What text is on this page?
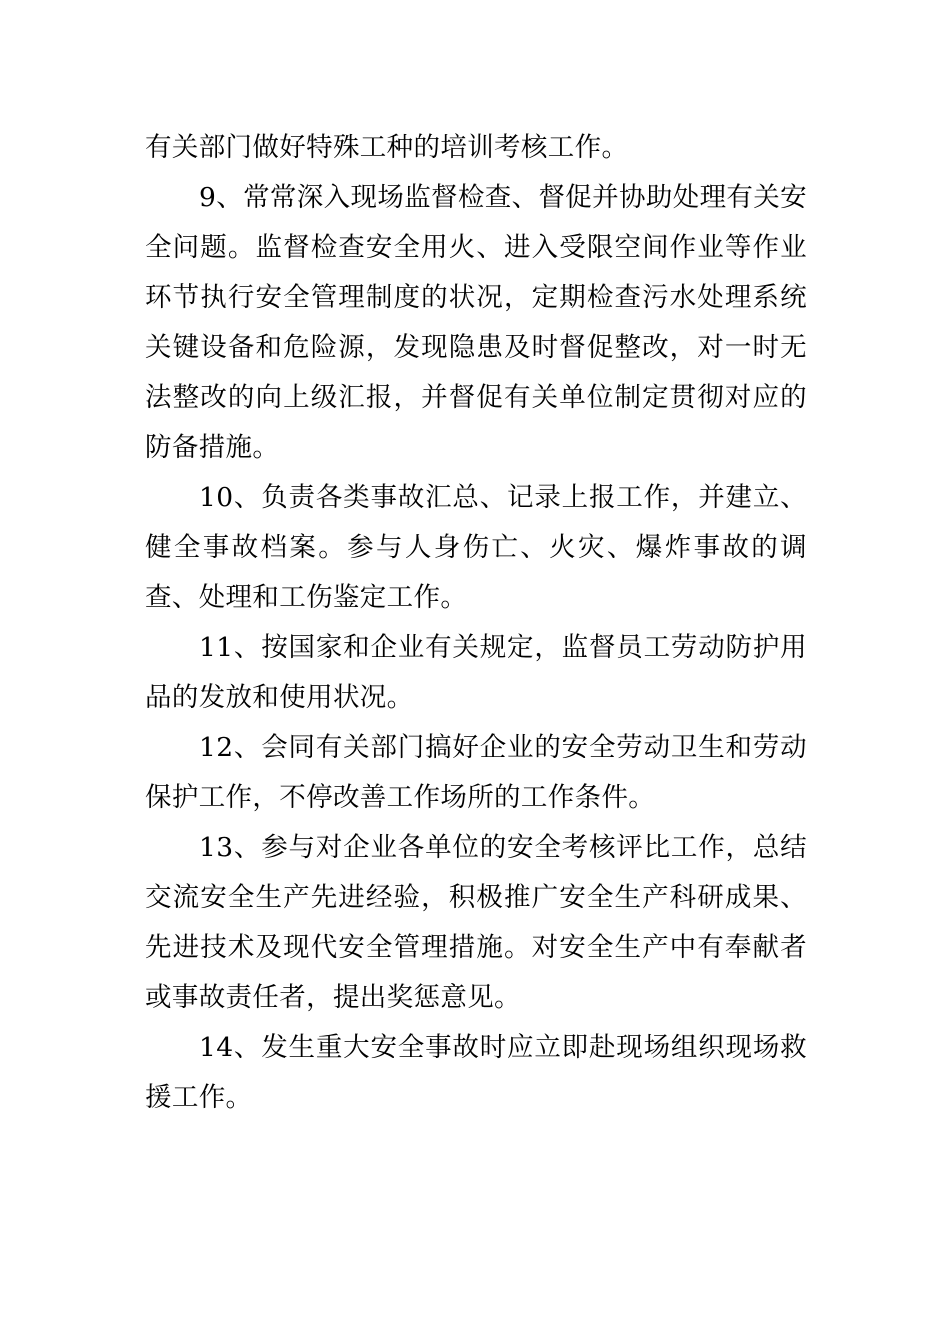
有关部门做好特殊工种的培训考核工作。

9、常常深入现场监督检查、督促并协助处理有关安全问题。监督检查安全用火、进入受限空间作业等作业环节执行安全管理制度的状况，定期检查污水处理系统关键设备和危险源，发现隐患及时督促整改，对一时无法整改的向上级汇报，并督促有关单位制定贯彻对应的防备措施。

10、负责各类事故汇总、记录上报工作，并建立、健全事故档案。参与人身伤亡、火灾、爆炸事故的调查、处理和工伤鉴定工作。

11、按国家和企业有关规定，监督员工劳动防护用品的发放和使用状况。

12、会同有关部门搞好企业的安全劳动卫生和劳动保护工作，不停改善工作场所的工作条件。

13、参与对企业各单位的安全考核评比工作，总结交流安全生产先进经验，积极推广安全生产科研成果、先进技术及现代安全管理措施。对安全生产中有奉献者或事故责任者，提出奖惩意见。

14、发生重大安全事故时应立即赴现场组织现场救援工作。
